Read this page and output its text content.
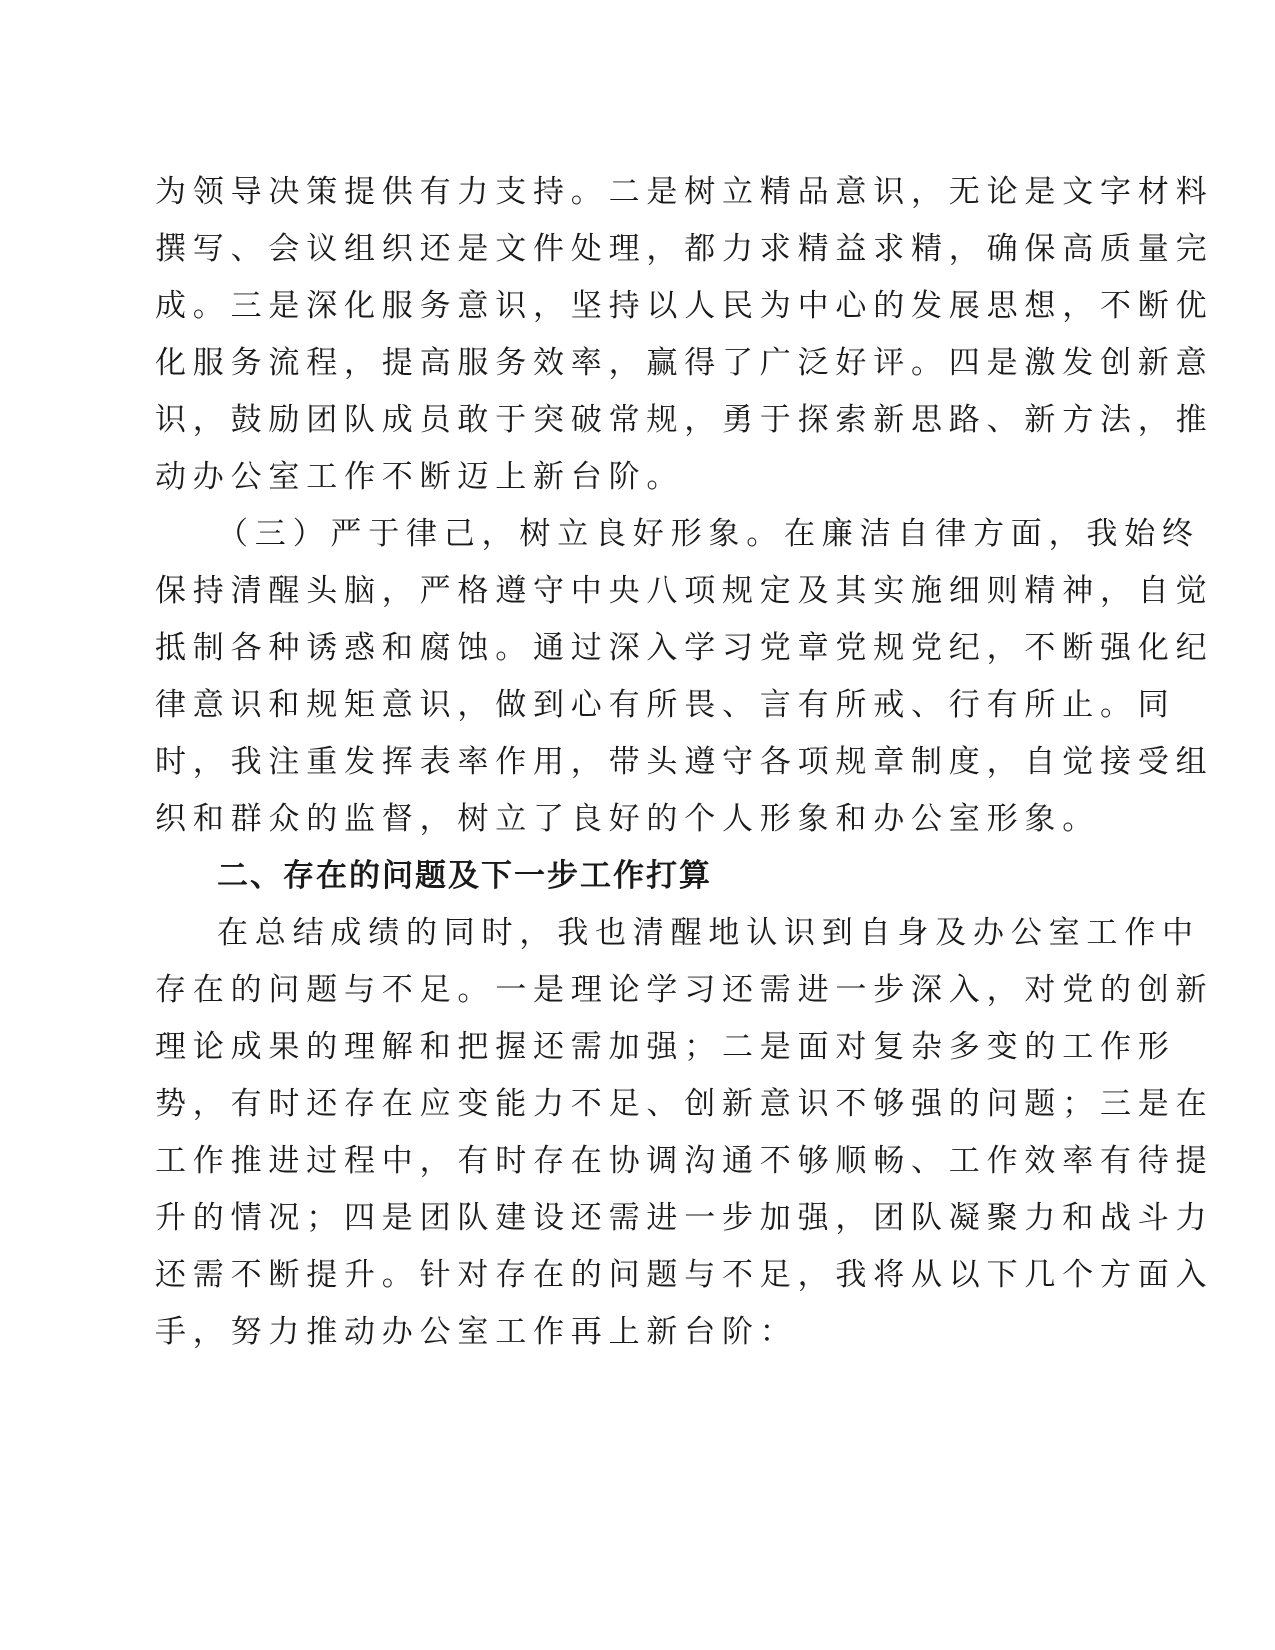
为领导决策提供有力支持。二是树立精品意识，无论是文字材料
撰写、会议组织还是文件处理，都力求精益求精，确保高质量完
成。三是深化服务意识，坚持以人民为中心的发展思想，不断优
化服务流程，提高服务效率，赢得了广泛好评。四是激发创新意
识，鼓励团队成员敢于突破常规，勇于探索新思路、新方法，推
动办公室工作不断迈上新台阶。
（三）严于律己，树立良好形象。在廉洁自律方面，我始终
保持清醒头脑，严格遵守中央八项规定及其实施细则精神，自觉
抵制各种诱惑和腐蚀。通过深入学习党章党规党纪，不断强化纪
律意识和规矩意识，做到心有所畏、言有所戒、行有所止。同
时，我注重发挥表率作用，带头遵守各项规章制度，自觉接受组
织和群众的监督，树立了良好的个人形象和办公室形象。
二、存在的问题及下一步工作打算
在总结成绩的同时，我也清醒地认识到自身及办公室工作中
存在的问题与不足。一是理论学习还需进一步深入，对党的创新
理论成果的理解和把握还需加强；二是面对复杂多变的工作形
势，有时还存在应变能力不足、创新意识不够强的问题；三是在
工作推进过程中，有时存在协调沟通不够顺畅、工作效率有待提
升的情况；四是团队建设还需进一步加强，团队凝聚力和战斗力
还需不断提升。针对存在的问题与不足，我将从以下几个方面入
手，努力推动办公室工作再上新台阶：
